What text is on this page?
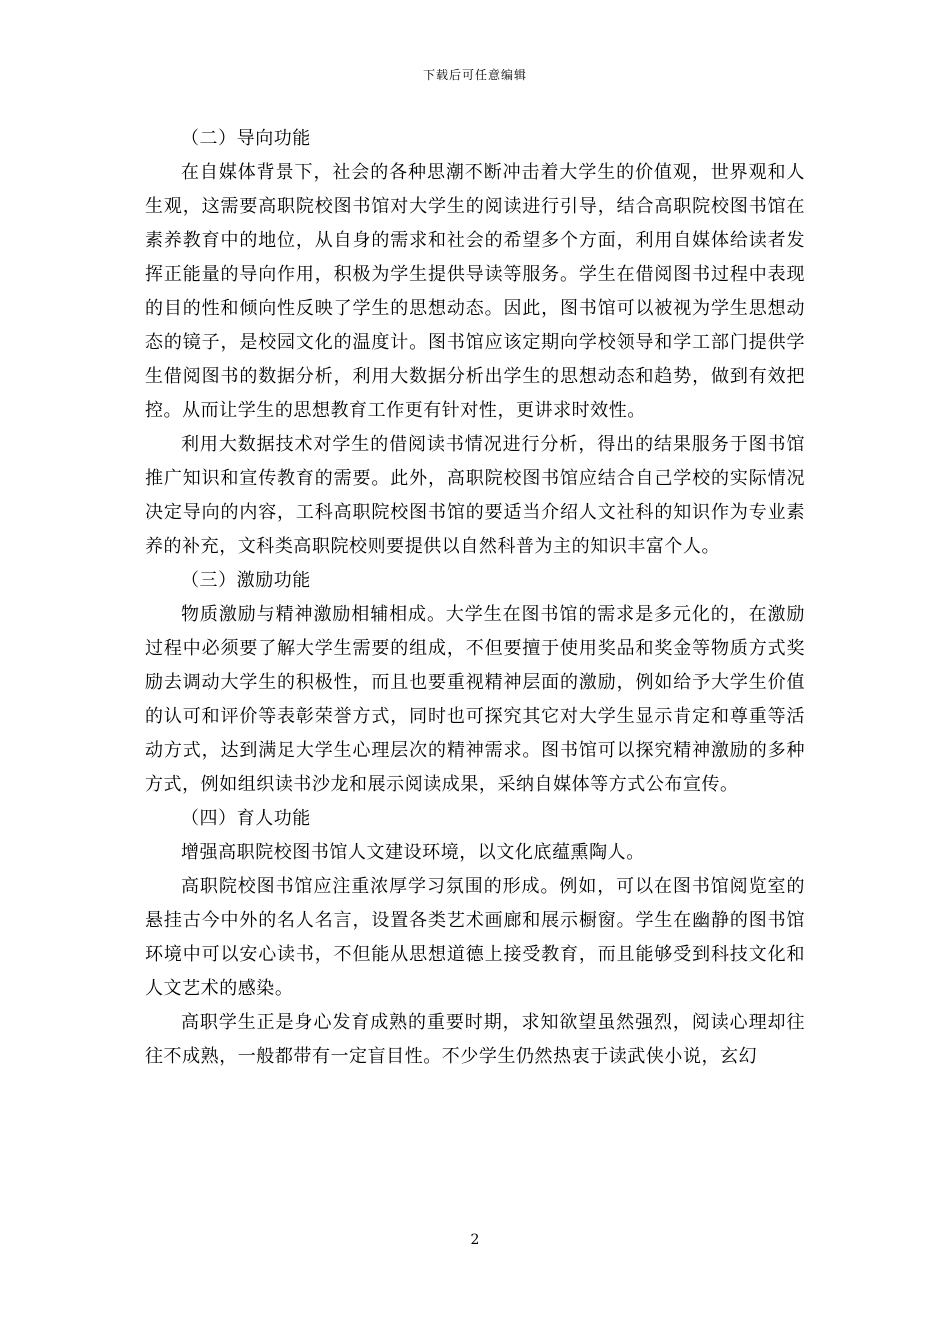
下载后可任意编辑

（二）导向功能

在自媒体背景下，社会的各种思潮不断冲击着大学生的价值观，世界观和人生观，这需要高职院校图书馆对大学生的阅读进行引导，结合高职院校图书馆在素养教育中的地位，从自身的需求和社会的希望多个方面，利用自媒体给读者发挥正能量的导向作用，积极为学生提供导读等服务。学生在借阅图书过程中表现的目的性和倾向性反映了学生的思想动态。因此，图书馆可以被视为学生思想动态的镜子，是校园文化的温度计。图书馆应该定期向学校领导和学工部门提供学生借阅图书的数据分析，利用大数据分析出学生的思想动态和趋势，做到有效把控。从而让学生的思想教育工作更有针对性，更讲求时效性。

利用大数据技术对学生的借阅读书情况进行分析，得出的结果服务于图书馆推广知识和宣传教育的需要。此外，高职院校图书馆应结合自己学校的实际情况决定导向的内容，工科高职院校图书馆的要适当介绍人文社科的知识作为专业素养的补充，文科类高职院校则要提供以自然科普为主的知识丰富个人。

（三）激励功能

物质激励与精神激励相辅相成。大学生在图书馆的需求是多元化的，在激励过程中必须要了解大学生需要的组成，不但要擅于使用奖品和奖金等物质方式奖励去调动大学生的积极性，而且也要重视精神层面的激励，例如给予大学生价值的认可和评价等表彰荣誉方式，同时也可探究其它对大学生显示肯定和尊重等活动方式，达到满足大学生心理层次的精神需求。图书馆可以探究精神激励的多种方式，例如组织读书沙龙和展示阅读成果，采纳自媒体等方式公布宣传。

（四）育人功能

增强高职院校图书馆人文建设环境，以文化底蕴熏陶人。

高职院校图书馆应注重浓厚学习氛围的形成。例如，可以在图书馆阅览室的悬挂古今中外的名人名言，设置各类艺术画廊和展示橱窗。学生在幽静的图书馆环境中可以安心读书，不但能从思想道德上接受教育，而且能够受到科技文化和人文艺术的感染。

高职学生正是身心发育成熟的重要时期，求知欲望虽然强烈，阅读心理却往往不成熟，一般都带有一定盲目性。不少学生仍然热衷于读武侠小说，玄幻

2
